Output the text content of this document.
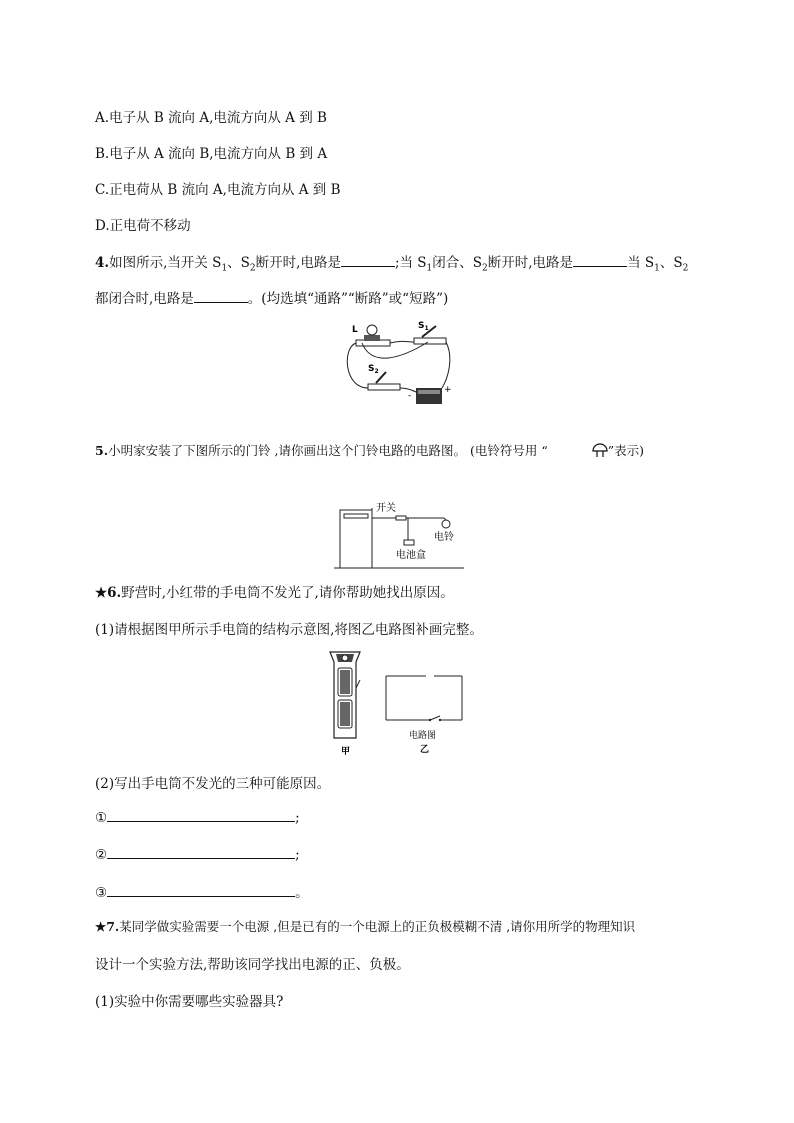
A.电子从 B 流向 A,电流方向从 A 到 B
B.电子从 A 流向 B,电流方向从 B 到 A
C.正电荷从 B 流向 A,电流方向从 A 到 B
D.正电荷不移动
4.如图所示,当开关 $S_1$、$S_2$断开时,电路是	;当 $S_1$闭合、$S_2$断开时,电路是	当 $S_1$、$S_2$
都闭合时,电路是	。(均选填“通路”“断路”或“短路”)
L	$S_1$
$S_2$
+
-
5.小明家安装了下图所示的门铃 ,请你画出这个门铃电路的电路图。 (电铃符号用 “	”表示)
开关
电池盒
电铃
★6.野营时,小红带的手电筒不发光了,请你帮助她找出原因。
(1)请根据图甲所示手电筒的结构示意图,将图乙电路图补画完整。
甲
电路图
乙
(2)写出手电筒不发光的三种可能原因。
①	;
②	;
③	。
★7.某同学做实验需要一个电源 ,但是已有的一个电源上的正负极模糊不清 ,请你用所学的物理知识
设计一个实验方法,帮助该同学找出电源的正、负极。
(1)实验中你需要哪些实验器具?
